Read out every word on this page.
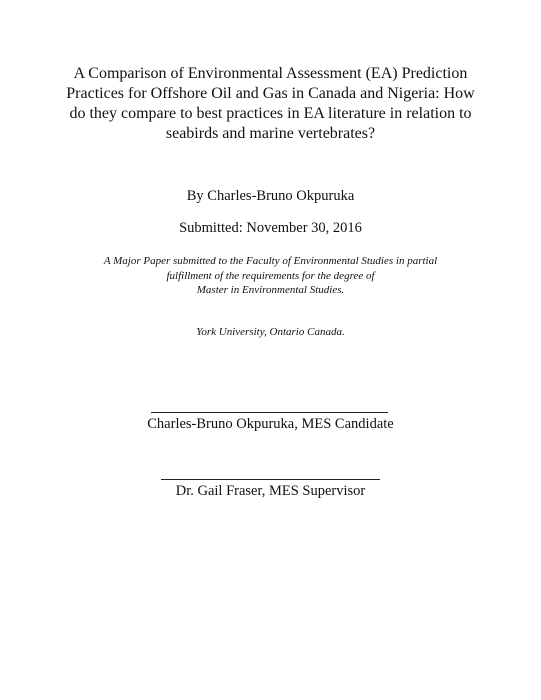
A Comparison of Environmental Assessment (EA) Prediction
Practices for Offshore Oil and Gas in Canada and Nigeria: How
do they compare to best practices in EA literature in relation to
seabirds and marine vertebrates?
By Charles-Bruno Okpuruka
Submitted: November 30, 2016
A Major Paper submitted to the Faculty of Environmental Studies in partial
fulfillment of the requirements for the degree of
Master in Environmental Studies.
York University, Ontario Canada.
Charles-Bruno Okpuruka, MES Candidate
Dr. Gail Fraser, MES Supervisor
